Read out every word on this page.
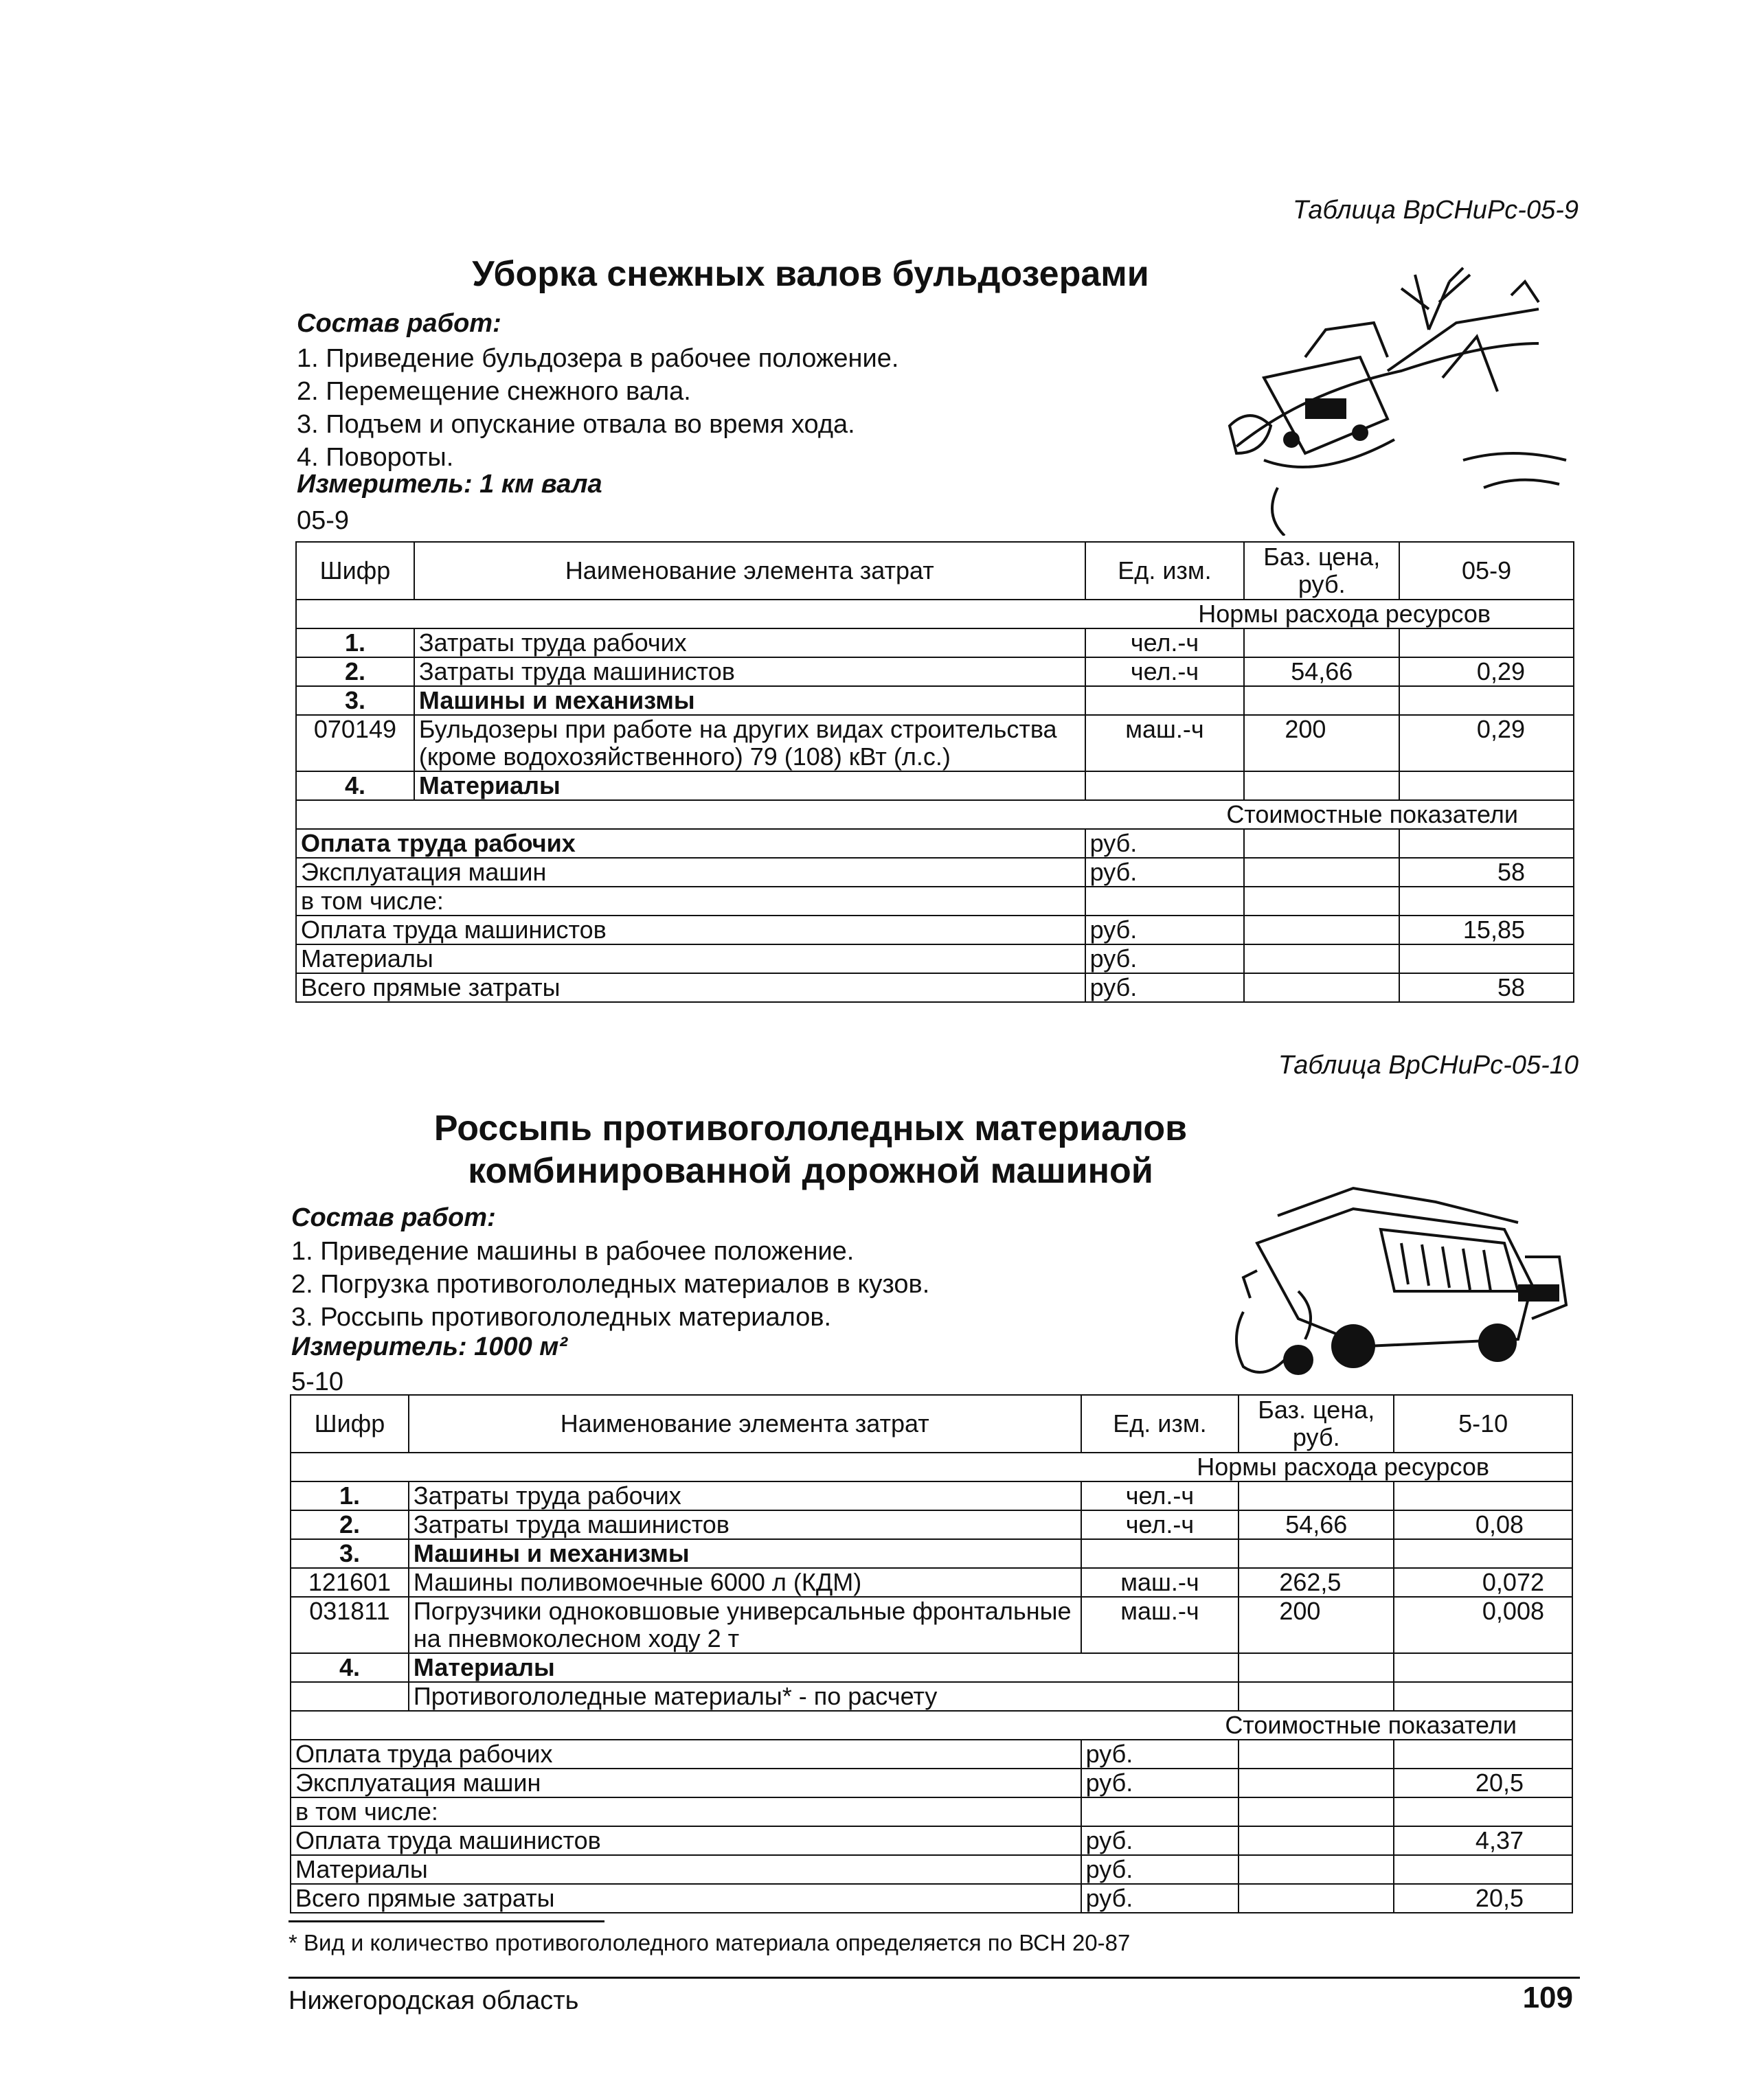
Таблица ВрСНиРс-05-9
Уборка снежных валов бульдозерами
Состав работ:
1. Приведение бульдозера в рабочее положение.
2. Перемещение снежного вала.
3. Подъем и опускание отвала во время хода.
4. Повороты.
Измеритель: 1 км вала
05-9
Шифр	Наименование элемента затрат	Ед. изм.	Баз. цена, руб.	05-9
Нормы расхода ресурсов				
1.	Затраты труда рабочих	чел.-ч		
2.	Затраты труда машинистов	чел.-ч	54,66	0,29
3.	Машины и механизмы			
070149	Бульдозеры при работе на других видах строительства (кроме водохозяйственного) 79 (108) кВт (л.с.)	маш.-ч	200	0,29
4.	Материалы			
Стоимостные показатели				
Оплата труда рабочих		руб.		
Эксплуатация машин		руб.		58
в том числе:				
Оплата труда машинистов		руб.		15,85
Материалы		руб.		
Всего прямые затраты		руб.		58
Таблица ВрСНиРс-05-10
Россыпь противогололедных материалов
комбинированной дорожной машиной
Состав работ:
1. Приведение машины в рабочее положение.
2. Погрузка противогололедных материалов в кузов.
3. Россыпь противогололедных материалов.
Измеритель: 1000 м²
5-10
Шифр	Наименование элемента затрат	Ед. изм.	Баз. цена, руб.	5-10
Нормы расхода ресурсов				
1.	Затраты труда рабочих	чел.-ч		
2.	Затраты труда машинистов	чел.-ч	54,66	0,08
3.	Машины и механизмы			
121601	Машины поливомоечные 6000 л (КДМ)	маш.-ч	262,5	0,072
031811	Погрузчики одноковшовые универсальные фронтальные на пневмоколесном ходу 2 т	маш.-ч	200	0,008
4.	Материалы			
	Противогололедные материалы* - по расчету			
Стоимостные показатели				
Оплата труда рабочих		руб.		
Эксплуатация машин		руб.		20,5
в том числе:				
Оплата труда машинистов		руб.		4,37
Материалы		руб.		
Всего прямые затраты		руб.		20,5
* Вид и количество противогололедного материала определяется по ВСН 20-87
Нижегородская область	109
